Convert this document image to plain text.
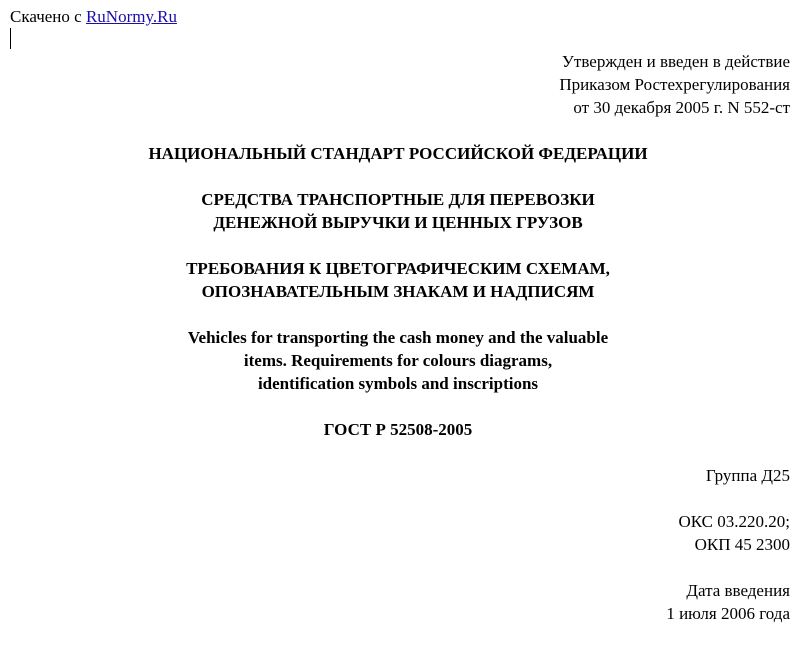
Скачено с RuNormy.Ru
Утвержден и введен в действие
Приказом Ростехрегулирования
от 30 декабря 2005 г. N 552-ст
НАЦИОНАЛЬНЫЙ СТАНДАРТ РОССИЙСКОЙ ФЕДЕРАЦИИ
СРЕДСТВА ТРАНСПОРТНЫЕ ДЛЯ ПЕРЕВОЗКИ
ДЕНЕЖНОЙ ВЫРУЧКИ И ЦЕННЫХ ГРУЗОВ
ТРЕБОВАНИЯ К ЦВЕТОГРАФИЧЕСКИМ СХЕМАМ,
ОПОЗНАВАТЕЛЬНЫМ ЗНАКАМ И НАДПИСЯМ
Vehicles for transporting the cash money and the valuable
items. Requirements for colours diagrams,
identification symbols and inscriptions
ГОСТ Р 52508-2005
Группа Д25
ОКС 03.220.20;
ОКП 45 2300
Дата введения
1 июля 2006 года
